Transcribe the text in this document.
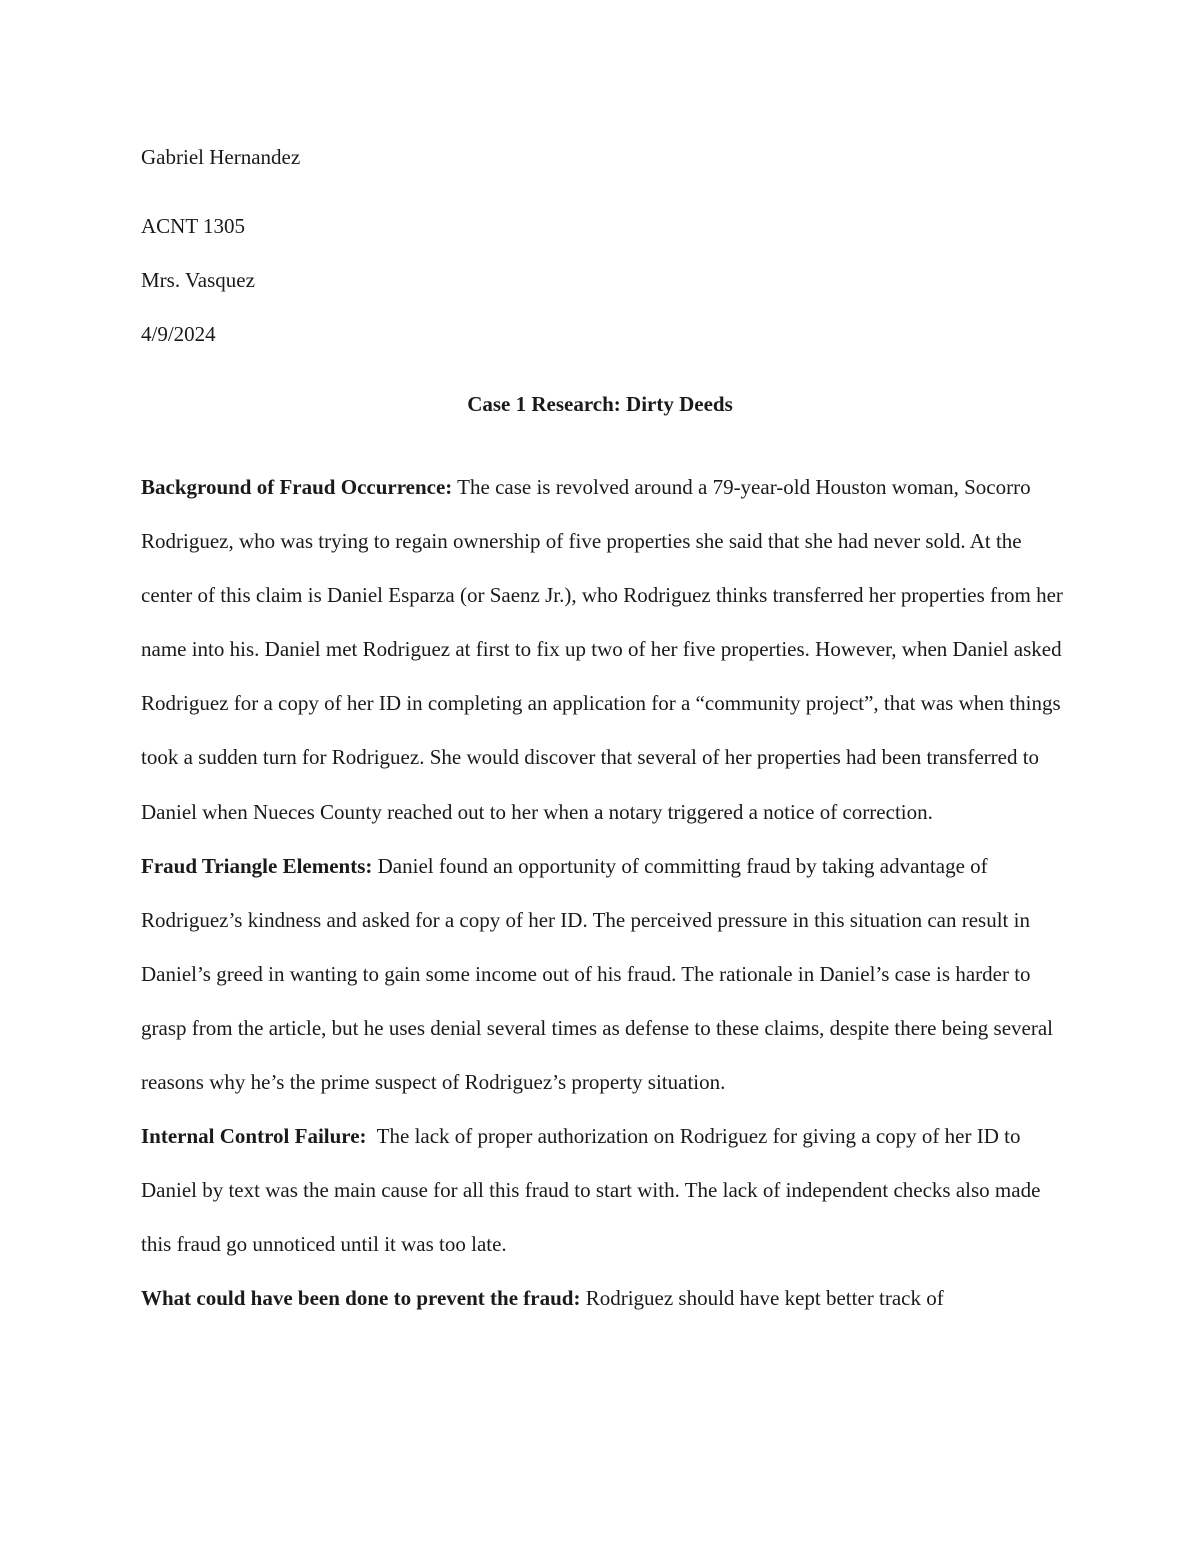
Gabriel Hernandez

ACNT 1305

Mrs. Vasquez

4/9/2024

Case 1 Research: Dirty Deeds

Background of Fraud Occurrence: The case is revolved around a 79-year-old Houston woman, Socorro Rodriguez, who was trying to regain ownership of five properties she said that she had never sold. At the center of this claim is Daniel Esparza (or Saenz Jr.), who Rodriguez thinks transferred her properties from her name into his. Daniel met Rodriguez at first to fix up two of her five properties. However, when Daniel asked Rodriguez for a copy of her ID in completing an application for a “community project”, that was when things took a sudden turn for Rodriguez. She would discover that several of her properties had been transferred to Daniel when Nueces County reached out to her when a notary triggered a notice of correction.

Fraud Triangle Elements: Daniel found an opportunity of committing fraud by taking advantage of Rodriguez’s kindness and asked for a copy of her ID. The perceived pressure in this situation can result in Daniel’s greed in wanting to gain some income out of his fraud. The rationale in Daniel’s case is harder to grasp from the article, but he uses denial several times as defense to these claims, despite there being several reasons why he’s the prime suspect of Rodriguez’s property situation.

Internal Control Failure: The lack of proper authorization on Rodriguez for giving a copy of her ID to Daniel by text was the main cause for all this fraud to start with. The lack of independent checks also made this fraud go unnoticed until it was too late.

What could have been done to prevent the fraud: Rodriguez should have kept better track of
